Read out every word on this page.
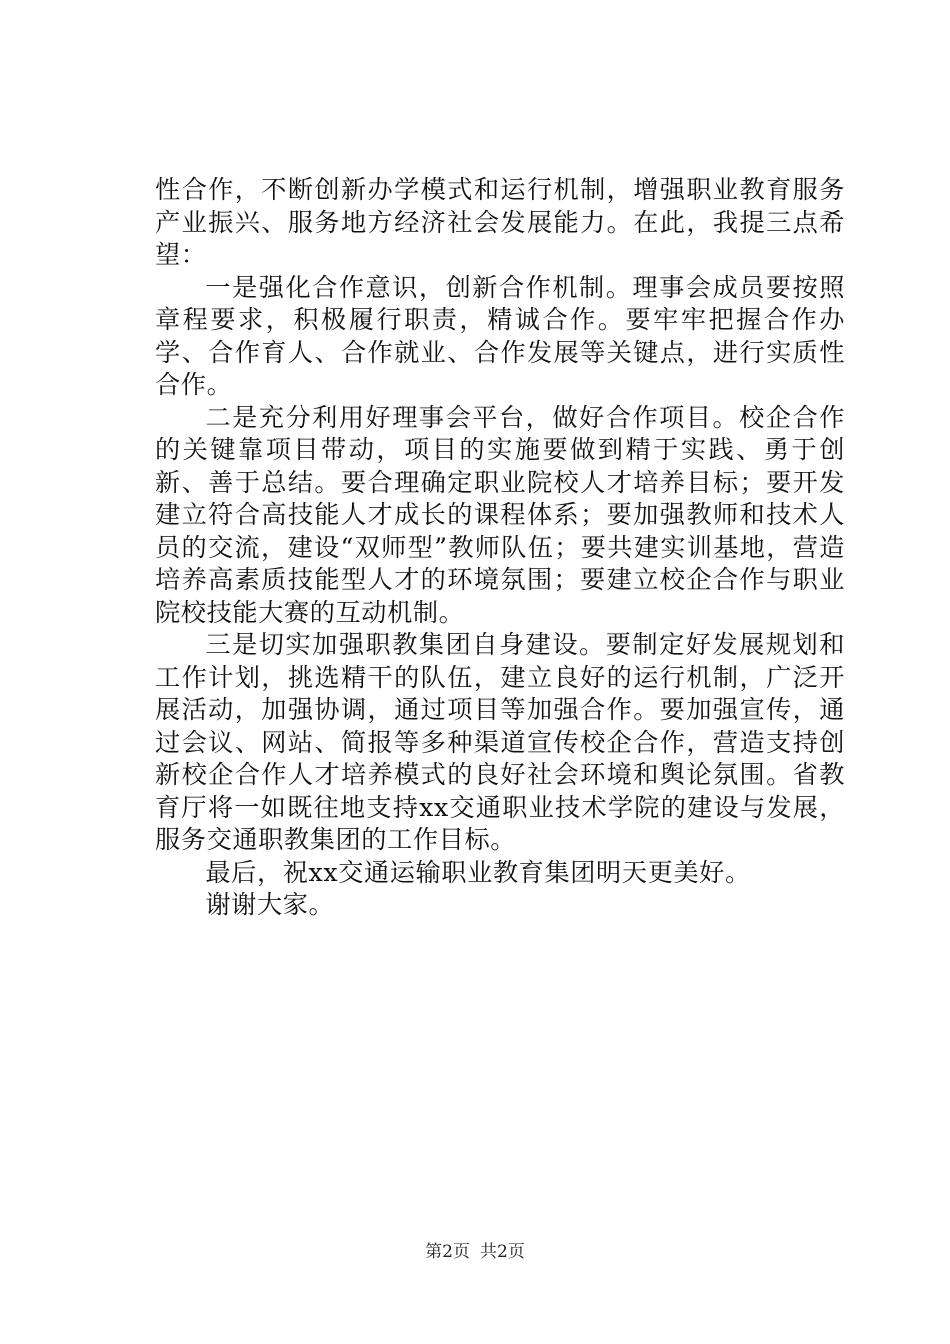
性合作，不断创新办学模式和运行机制，增强职业教育服务产业振兴、服务地方经济社会发展能力。在此，我提三点希望：

一是强化合作意识，创新合作机制。理事会成员要按照章程要求，积极履行职责，精诚合作。要牢牢把握合作办学、合作育人、合作就业、合作发展等关键点，进行实质性合作。

二是充分利用好理事会平台，做好合作项目。校企合作的关键靠项目带动，项目的实施要做到精于实践、勇于创新、善于总结。要合理确定职业院校人才培养目标；要开发建立符合高技能人才成长的课程体系；要加强教师和技术人员的交流，建设“双师型”教师队伍；要共建实训基地，营造培养高素质技能型人才的环境氛围；要建立校企合作与职业院校技能大赛的互动机制。

三是切实加强职教集团自身建设。要制定好发展规划和工作计划，挑选精干的队伍，建立良好的运行机制，广泛开展活动，加强协调，通过项目等加强合作。要加强宣传，通过会议、网站、简报等多种渠道宣传校企合作，营造支持创新校企合作人才培养模式的良好社会环境和舆论氛围。省教育厅将一如既往地支持xx交通职业技术学院的建设与发展，服务交通职教集团的工作目标。

最后，祝xx交通运输职业教育集团明天更美好。

谢谢大家。

第2页 共2页
